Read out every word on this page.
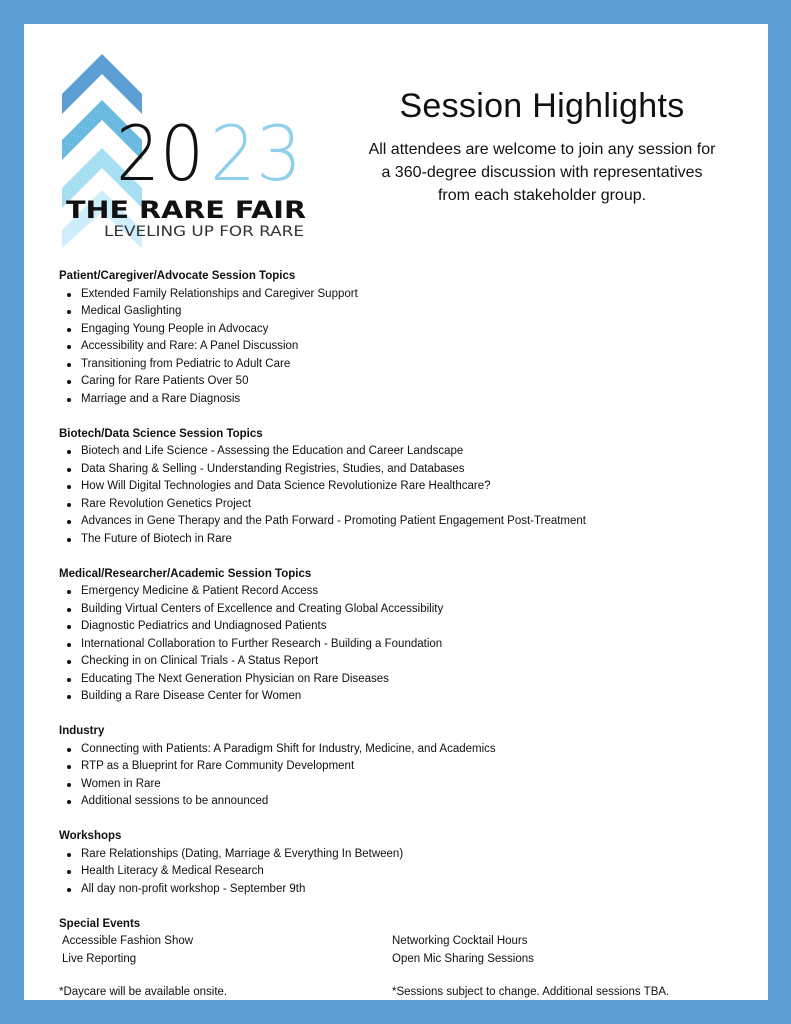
20 23
THE RARE FAIR
LEVELING UP FOR RARE
Session Highlights
All attendees are welcome to join any session for
a 360-degree discussion with representatives
from each stakeholder group.
Patient/Caregiver/Advocate Session Topics
Extended Family Relationships and Caregiver Support
Medical Gaslighting
Engaging Young People in Advocacy
Accessibility and Rare: A Panel Discussion
Transitioning from Pediatric to Adult Care
Caring for Rare Patients Over 50
Marriage and a Rare Diagnosis
Biotech/Data Science Session Topics
Biotech and Life Science - Assessing the Education and Career Landscape
Data Sharing & Selling - Understanding Registries, Studies, and Databases
How Will Digital Technologies and Data Science Revolutionize Rare Healthcare?
Rare Revolution Genetics Project
Advances in Gene Therapy and the Path Forward - Promoting Patient Engagement Post-Treatment
The Future of Biotech in Rare
Medical/Researcher/Academic Session Topics
Emergency Medicine & Patient Record Access
Building Virtual Centers of Excellence and Creating Global Accessibility
Diagnostic Pediatrics and Undiagnosed Patients
International Collaboration to Further Research - Building a Foundation
Checking in on Clinical Trials - A Status Report
Educating The Next Generation Physician on Rare Diseases
Building a Rare Disease Center for Women
Industry
Connecting with Patients: A Paradigm Shift for Industry, Medicine, and Academics
RTP as a Blueprint for Rare Community Development
Women in Rare
Additional sessions to be announced
Workshops
Rare Relationships (Dating, Marriage & Everything In Between)
Health Literacy & Medical Research
All day non-profit workshop - September 9th
Special Events
Accessible Fashion Show
Live Reporting
Networking Cocktail Hours
Open Mic Sharing Sessions
*Daycare will be available onsite.	*Sessions subject to change. Additional sessions TBA.
